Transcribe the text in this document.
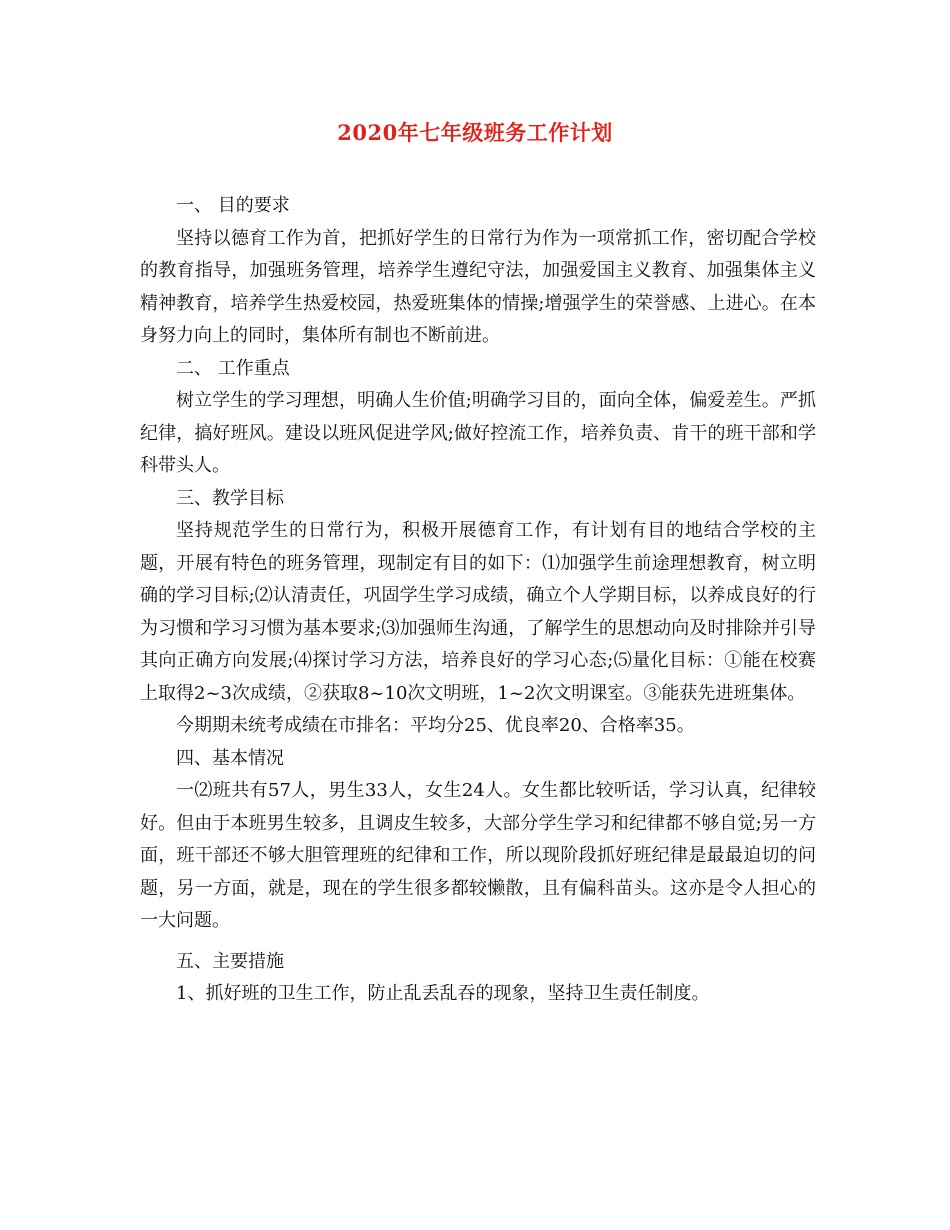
2020年七年级班务工作计划

一、 目的要求

坚持以德育工作为首，把抓好学生的日常行为作为一项常抓工作，密切配合学校的教育指导，加强班务管理，培养学生遵纪守法，加强爱国主义教育、加强集体主义精神教育，培养学生热爱校园，热爱班集体的情操;增强学生的荣誉感、上进心。在本身努力向上的同时，集体所有制也不断前进。

二、 工作重点

树立学生的学习理想，明确人生价值;明确学习目的，面向全体，偏爱差生。严抓纪律，搞好班风。建设以班风促进学风;做好控流工作，培养负责、肯干的班干部和学科带头人。

三、教学目标

坚持规范学生的日常行为，积极开展德育工作，有计划有目的地结合学校的主题，开展有特色的班务管理，现制定有目的如下：⑴加强学生前途理想教育，树立明确的学习目标;⑵认清责任，巩固学生学习成绩，确立个人学期目标，以养成良好的行为习惯和学习习惯为基本要求;⑶加强师生沟通，了解学生的思想动向及时排除并引导其向正确方向发展;⑷探讨学习方法，培养良好的学习心态;⑸量化目标：①能在校赛上取得2~3次成绩，②获取8~10次文明班，1~2次文明课室。③能获先进班集体。

今期期未统考成绩在市排名：平均分25、优良率20、合格率35。

四、基本情况

一⑵班共有57人，男生33人，女生24人。女生都比较听话，学习认真，纪律较好。但由于本班男生较多，且调皮生较多，大部分学生学习和纪律都不够自觉;另一方面，班干部还不够大胆管理班的纪律和工作，所以现阶段抓好班纪律是最最迫切的问题，另一方面，就是，现在的学生很多都较懒散，且有偏科苗头。这亦是令人担心的一大问题。

五、主要措施

1、抓好班的卫生工作，防止乱丢乱吞的现象，坚持卫生责任制度。
